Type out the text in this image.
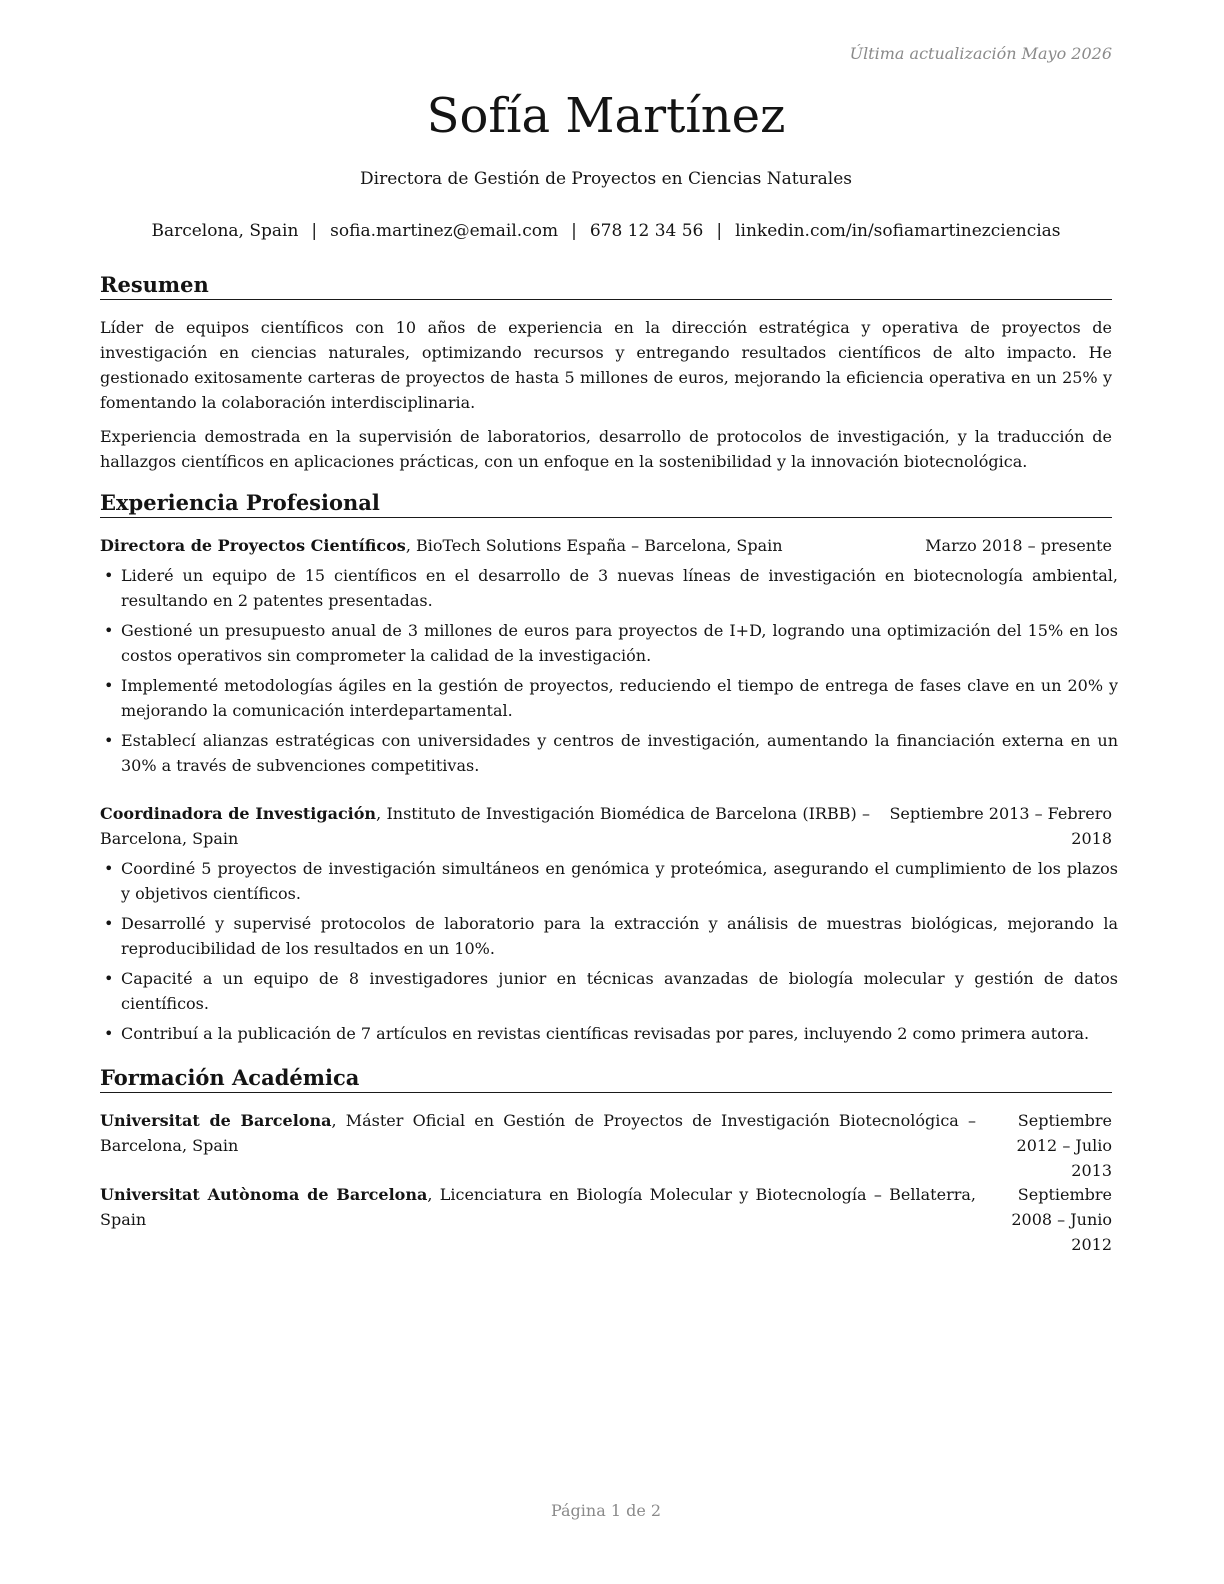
Última actualización Mayo 2026
Sofía Martínez
Directora de Gestión de Proyectos en Ciencias Naturales
Barcelona, Spain | sofia.martinez@email.com | 678 12 34 56 | linkedin.com/in/sofiamartinezciencias
Resumen

Líder de equipos científicos con 10 años de experiencia en la dirección estratégica y operativa de proyectos de investigación en ciencias naturales, optimizando recursos y entregando resultados científicos de alto impacto. He gestionado exitosamente carteras de proyectos de hasta 5 millones de euros, mejorando la eficiencia operativa en un 25% y fomentando la colaboración interdisciplinaria.

Experiencia demostrada en la supervisión de laboratorios, desarrollo de protocolos de investigación, y la traducción de hallazgos científicos en aplicaciones prácticas, con un enfoque en la sostenibilidad y la innovación biotecnológica.

Experiencia Profesional
Directora de Proyectos Científicos, BioTech Solutions España – Barcelona, Spain	Marzo 2018 – presente
• Lideré un equipo de 15 científicos en el desarrollo de 3 nuevas líneas de investigación en biotecnología ambiental, resultando en 2 patentes presentadas.
• Gestioné un presupuesto anual de 3 millones de euros para proyectos de I+D, logrando una optimización del 15% en los costos operativos sin comprometer la calidad de la investigación.
• Implementé metodologías ágiles en la gestión de proyectos, reduciendo el tiempo de entrega de fases clave en un 20% y mejorando la comunicación interdepartamental.
• Establecí alianzas estratégicas con universidades y centros de investigación, aumentando la financiación externa en un 30% a través de subvenciones competitivas.
Coordinadora de Investigación, Instituto de Investigación Biomédica de Barcelona (IRBB) – Barcelona, Spain
Septiembre 2013 – Febrero 2018
• Coordiné 5 proyectos de investigación simultáneos en genómica y proteómica, asegurando el cumplimiento de los plazos y objetivos científicos.
• Desarrollé y supervisé protocolos de laboratorio para la extracción y análisis de muestras biológicas, mejorando la reproducibilidad de los resultados en un 10%.
• Capacité a un equipo de 8 investigadores junior en técnicas avanzadas de biología molecular y gestión de datos científicos.
• Contribuí a la publicación de 7 artículos en revistas científicas revisadas por pares, incluyendo 2 como primera autora.
Formación Académica
Universitat de Barcelona, Máster Oficial en Gestión de Proyectos de Investigación Biotecnológica – Barcelona, Spain
Septiembre 2012 – Julio 2013
Universitat Autònoma de Barcelona, Licenciatura en Biología Molecular y Biotecnología – Bellaterra, Spain
Septiembre 2008 – Junio 2012
Página 1 de 2
